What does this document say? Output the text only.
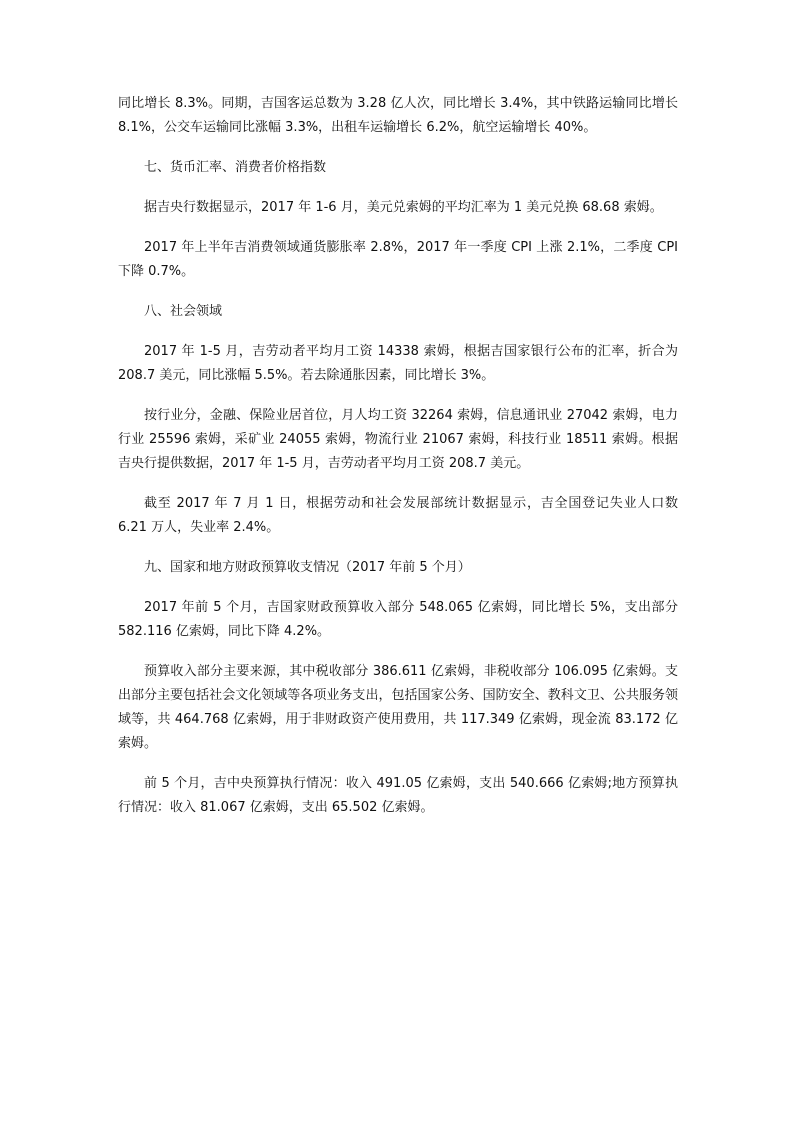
同比增长 8.3%。同期，吉国客运总数为 3.28 亿人次，同比增长 3.4%，其中铁路运输同比增长 8.1%，公交车运输同比涨幅 3.3%，出租车运输增长 6.2%，航空运输增长 40%。

七、货币汇率、消费者价格指数

据吉央行数据显示，2017 年 1-6 月，美元兑索姆的平均汇率为 1 美元兑换 68.68 索姆。

2017 年上半年吉消费领域通货膨胀率 2.8%，2017 年一季度 CPI 上涨 2.1%，二季度 CPI 下降 0.7%。

八、社会领域

2017 年 1-5 月，吉劳动者平均月工资 14338 索姆，根据吉国家银行公布的汇率，折合为 208.7 美元，同比涨幅 5.5%。若去除通胀因素，同比增长 3%。

按行业分，金融、保险业居首位，月人均工资 32264 索姆，信息通讯业 27042 索姆，电力行业 25596 索姆，采矿业 24055 索姆，物流行业 21067 索姆，科技行业 18511 索姆。根据吉央行提供数据，2017 年 1-5 月，吉劳动者平均月工资 208.7 美元。

截至 2017 年 7 月 1 日，根据劳动和社会发展部统计数据显示，吉全国登记失业人口数 6.21 万人，失业率 2.4%。

九、国家和地方财政预算收支情况（2017 年前 5 个月）

2017 年前 5 个月，吉国家财政预算收入部分 548.065 亿索姆，同比增长 5%，支出部分 582.116 亿索姆，同比下降 4.2%。

预算收入部分主要来源，其中税收部分 386.611 亿索姆，非税收部分 106.095 亿索姆。支出部分主要包括社会文化领域等各项业务支出，包括国家公务、国防安全、教科文卫、公共服务领域等，共 464.768 亿索姆，用于非财政资产使用费用，共 117.349 亿索姆，现金流 83.172 亿索姆。

前 5 个月，吉中央预算执行情况：收入 491.05 亿索姆，支出 540.666 亿索姆;地方预算执行情况：收入 81.067 亿索姆，支出 65.502 亿索姆。
